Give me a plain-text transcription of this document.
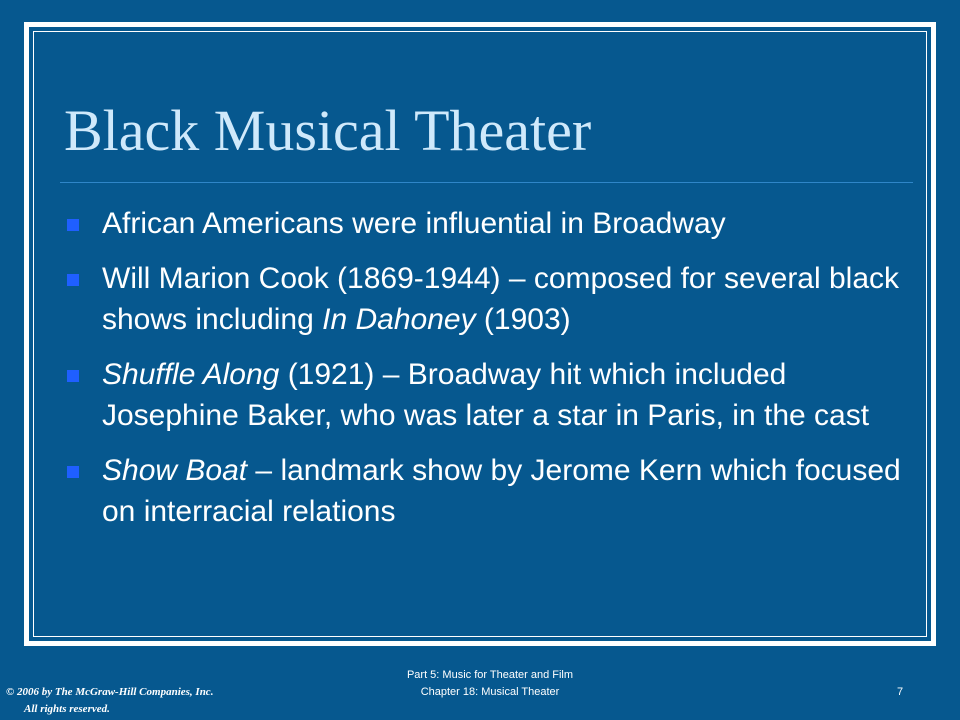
Black Musical Theater
African Americans were influential in Broadway
Will Marion Cook (1869-1944) – composed for several black shows including In Dahoney (1903)
Shuffle Along (1921) – Broadway hit which included Josephine Baker, who was later a star in Paris, in the cast
Show Boat – landmark show by Jerome Kern which focused on interracial relations
© 2006 by The McGraw-Hill Companies, Inc.
All rights reserved.
Part 5: Music for Theater and Film
Chapter 18: Musical Theater	7
